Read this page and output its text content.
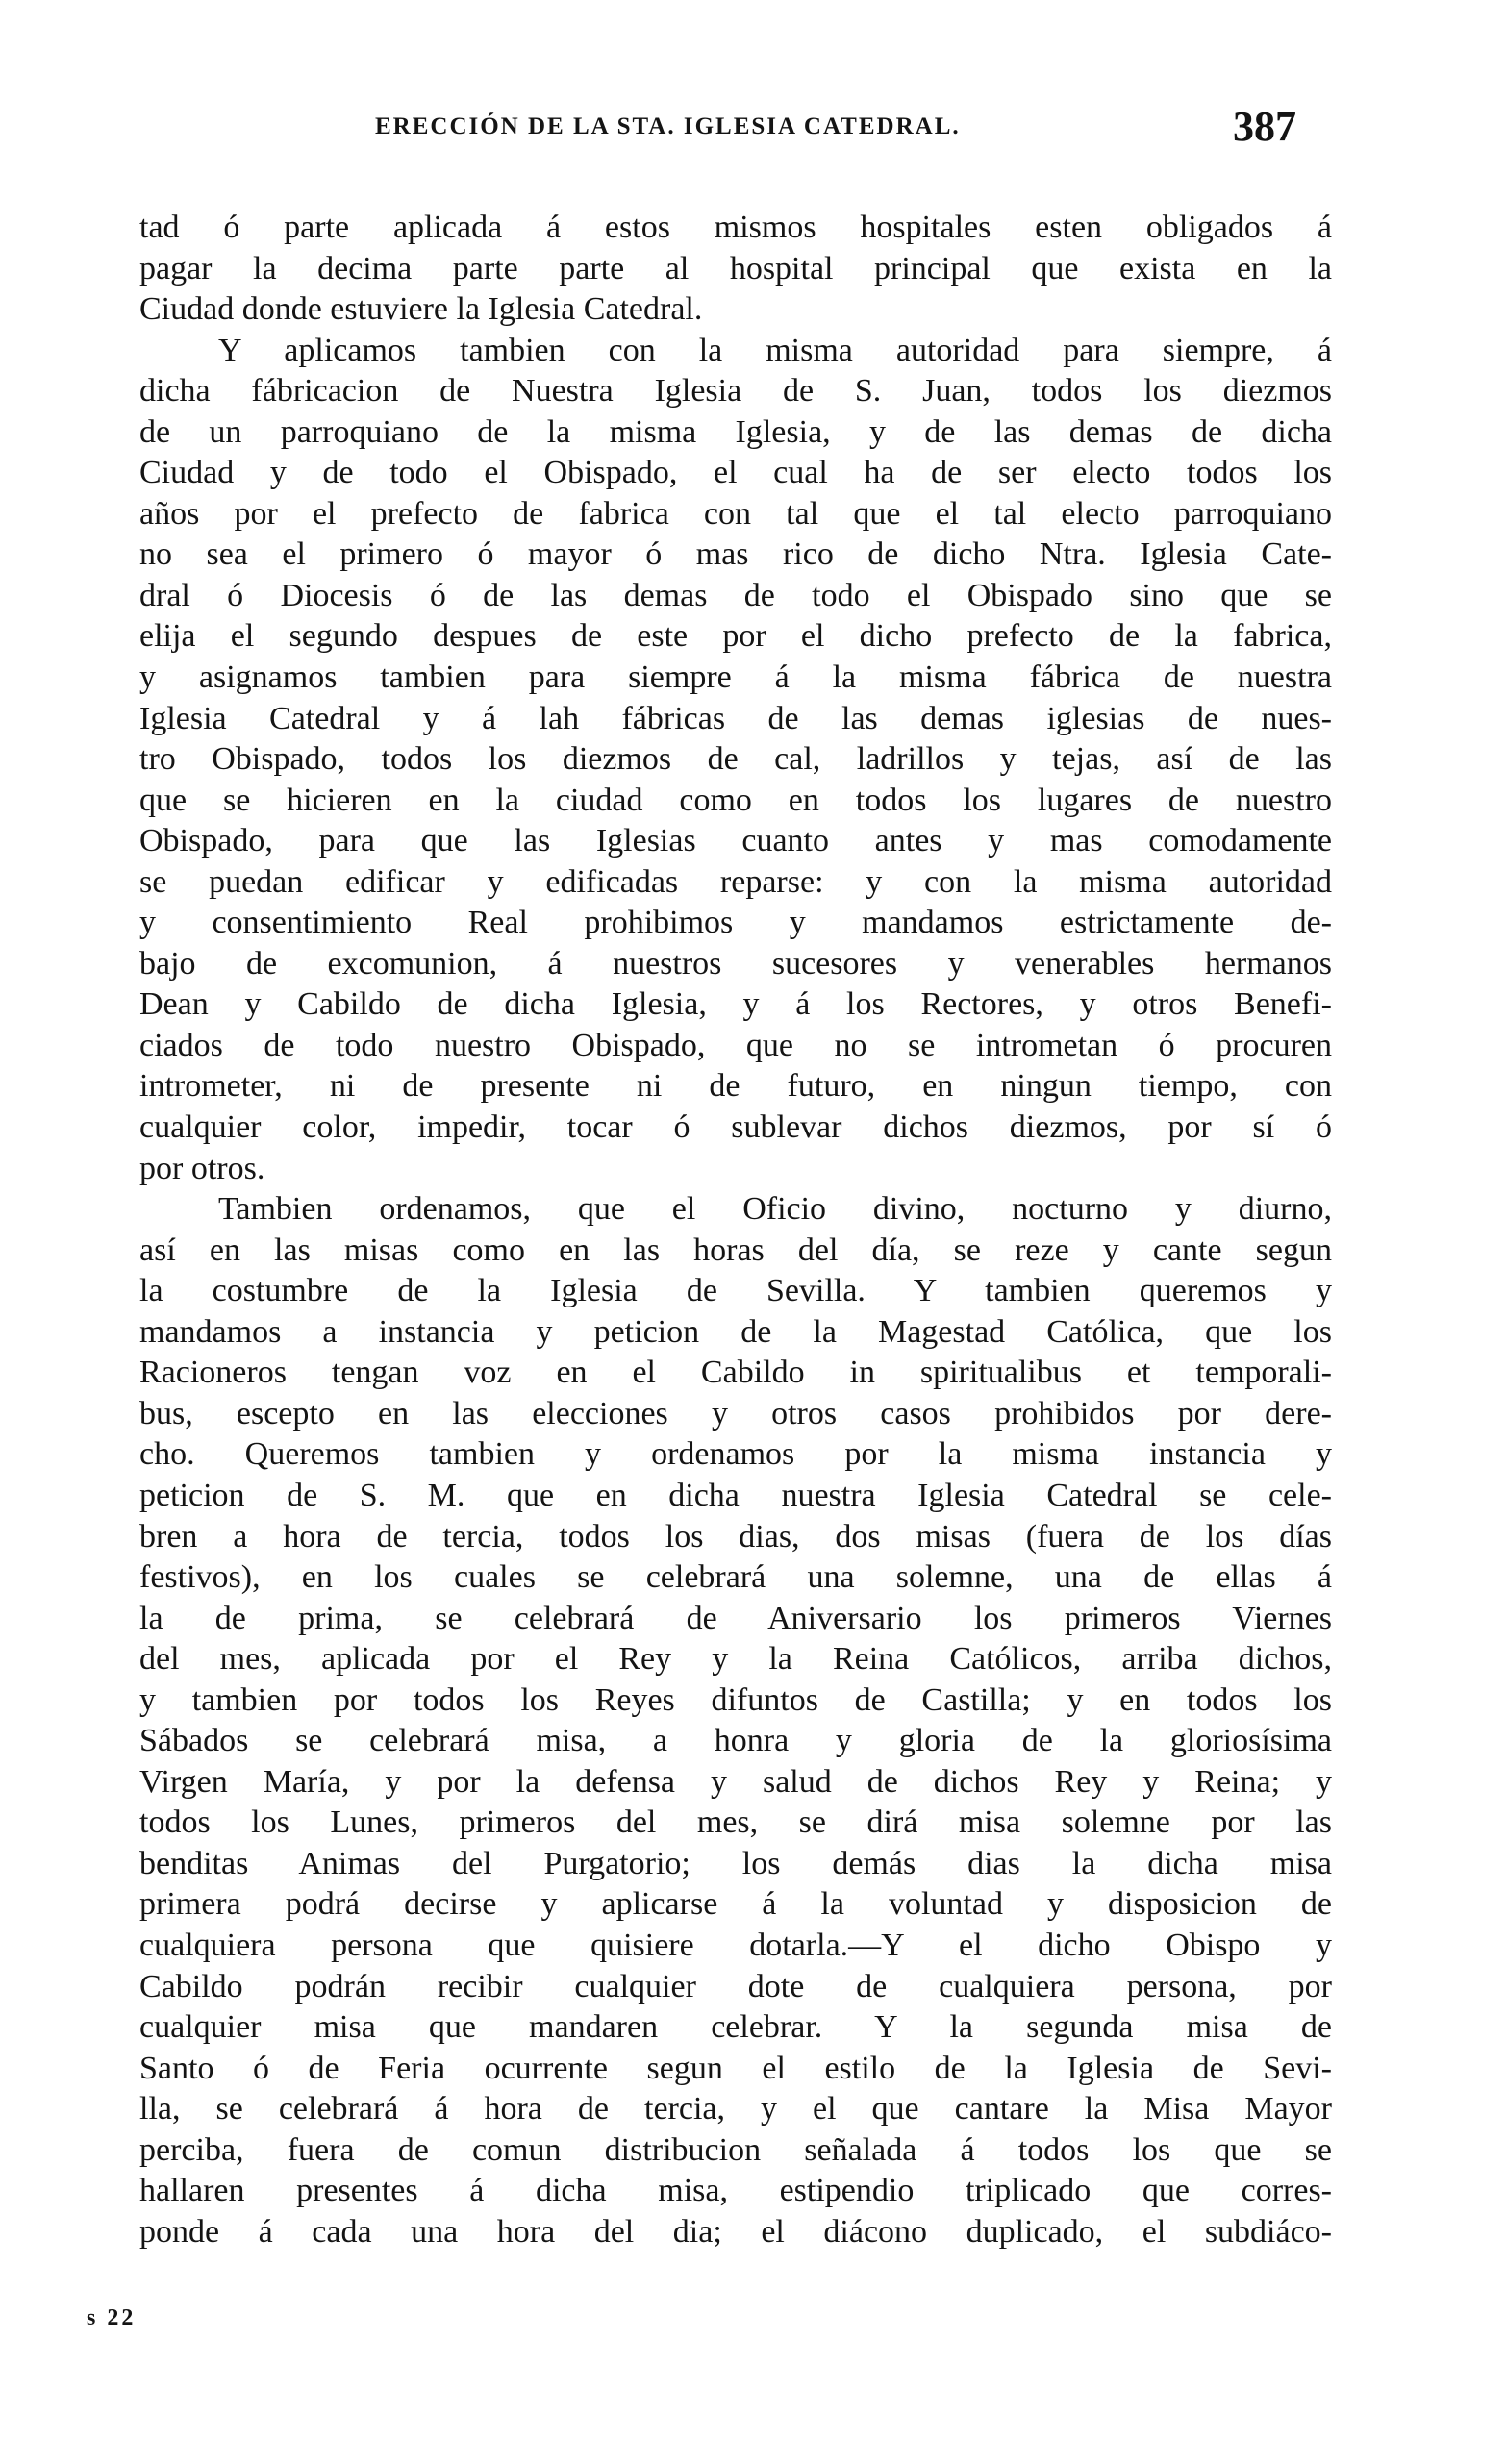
ERECCIÓN DE LA STA. IGLESIA CATEDRAL.	387
tad ó parte aplicada á estos mismos hospitales esten obligados á
pagar la decima parte parte al hospital principal que exista en la
Ciudad donde estuviere la Iglesia Catedral.
Y aplicamos tambien con la misma autoridad para siempre, á
dicha fábricacion de Nuestra Iglesia de S. Juan, todos los diezmos
de un parroquiano de la misma Iglesia, y de las demas de dicha
Ciudad y de todo el Obispado, el cual ha de ser electo todos los
años por el prefecto de fabrica con tal que el tal electo parroquiano
no sea el primero ó mayor ó mas rico de dicho Ntra. Iglesia Cate-
dral ó Diocesis ó de las demas de todo el Obispado sino que se
elija el segundo despues de este por el dicho prefecto de la fabrica,
y asignamos tambien para siempre á la misma fábrica de nuestra
Iglesia Catedral y á lah fábricas de las demas iglesias de nues-
tro Obispado, todos los diezmos de cal, ladrillos y tejas, así de las
que se hicieren en la ciudad como en todos los lugares de nuestro
Obispado, para que las Iglesias cuanto antes y mas comodamente
se puedan edificar y edificadas reparse: y con la misma autoridad
y consentimiento Real prohibimos y mandamos estrictamente de-
bajo de excomunion, á nuestros sucesores y venerables hermanos
Dean y Cabildo de dicha Iglesia, y á los Rectores, y otros Benefi-
ciados de todo nuestro Obispado, que no se intrometan ó procuren
intrometer, ni de presente ni de futuro, en ningun tiempo, con
cualquier color, impedir, tocar ó sublevar dichos diezmos, por sí ó
por otros.
Tambien ordenamos, que el Oficio divino, nocturno y diurno,
así en las misas como en las horas del día, se reze y cante segun
la costumbre de la Iglesia de Sevilla. Y tambien queremos y
mandamos a instancia y peticion de la Magestad Católica, que los
Racioneros tengan voz en el Cabildo in spiritualibus et temporali-
bus, escepto en las elecciones y otros casos prohibidos por dere-
cho. Queremos tambien y ordenamos por la misma instancia y
peticion de S. M. que en dicha nuestra Iglesia Catedral se cele-
bren a hora de tercia, todos los dias, dos misas (fuera de los días
festivos), en los cuales se celebrará una solemne, una de ellas á
la de prima, se celebrará de Aniversario los primeros Viernes
del mes, aplicada por el Rey y la Reina Católicos, arriba dichos,
y tambien por todos los Reyes difuntos de Castilla; y en todos los
Sábados se celebrará misa, a honra y gloria de la gloriosísima
Virgen María, y por la defensa y salud de dichos Rey y Reina; y
todos los Lunes, primeros del mes, se dirá misa solemne por las
benditas Animas del Purgatorio; los demás dias la dicha misa
primera podrá decirse y aplicarse á la voluntad y disposicion de
cualquiera persona que quisiere dotarla.—Y el dicho Obispo y
Cabildo podrán recibir cualquier dote de cualquiera persona, por
cualquier misa que mandaren celebrar. Y la segunda misa de
Santo ó de Feria ocurrente segun el estilo de la Iglesia de Sevi-
lla, se celebrará á hora de tercia, y el que cantare la Misa Mayor
perciba, fuera de comun distribucion señalada á todos los que se
hallaren presentes á dicha misa, estipendio triplicado que corres-
ponde á cada una hora del dia; el diácono duplicado, el subdiáco-
s 22
